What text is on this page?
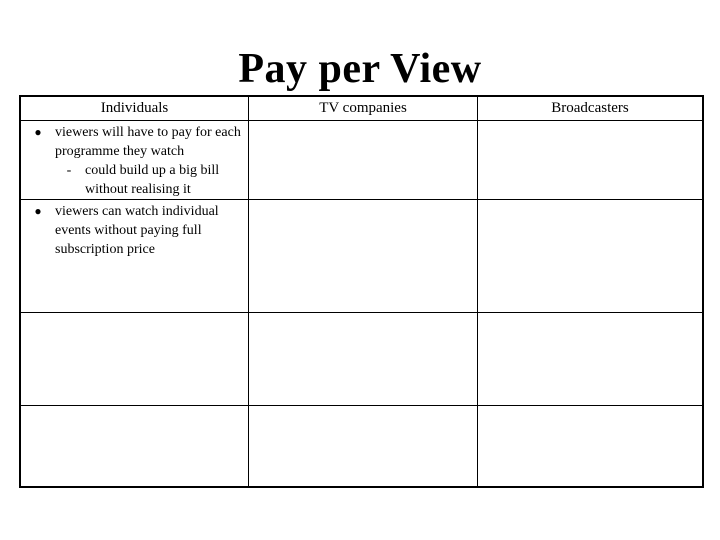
Pay per View
Individuals	TV companies	Broadcasters
● viewers will have to pay for each programme they watch
- could build up a big bill without realising it
● viewers can watch individual events without paying full subscription price
